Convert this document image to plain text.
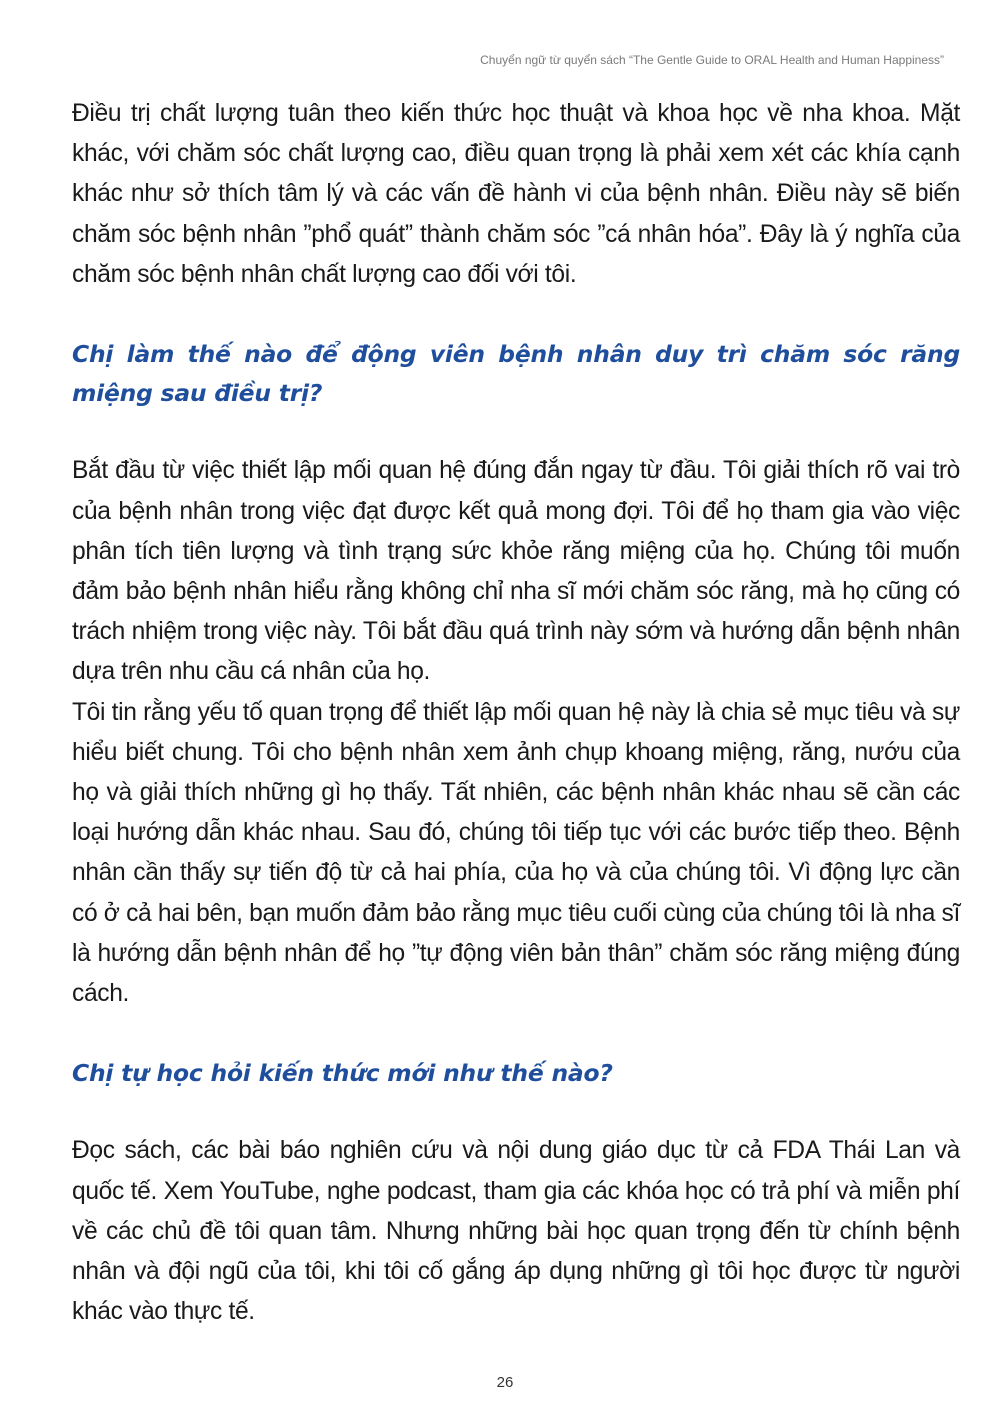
Chuyển ngữ từ quyển sách “The Gentle Guide to ORAL Health and Human Happiness”

Điều trị chất lượng tuân theo kiến thức học thuật và khoa học về nha khoa. Mặt khác, với chăm sóc chất lượng cao, điều quan trọng là phải xem xét các khía cạnh khác như sở thích tâm lý và các vấn đề hành vi của bệnh nhân. Điều này sẽ biến chăm sóc bệnh nhân ”phổ quát” thành chăm sóc ”cá nhân hóa”. Đây là ý nghĩa của chăm sóc bệnh nhân chất lượng cao đối với tôi.

Chị làm thế nào để động viên bệnh nhân duy trì chăm sóc răng miệng sau điều trị?

Bắt đầu từ việc thiết lập mối quan hệ đúng đắn ngay từ đầu. Tôi giải thích rõ vai trò của bệnh nhân trong việc đạt được kết quả mong đợi. Tôi để họ tham gia vào việc phân tích tiên lượng và tình trạng sức khỏe răng miệng của họ. Chúng tôi muốn đảm bảo bệnh nhân hiểu rằng không chỉ nha sĩ mới chăm sóc răng, mà họ cũng có trách nhiệm trong việc này. Tôi bắt đầu quá trình này sớm và hướng dẫn bệnh nhân dựa trên nhu cầu cá nhân của họ.

Tôi tin rằng yếu tố quan trọng để thiết lập mối quan hệ này là chia sẻ mục tiêu và sự hiểu biết chung. Tôi cho bệnh nhân xem ảnh chụp khoang miệng, răng, nướu của họ và giải thích những gì họ thấy. Tất nhiên, các bệnh nhân khác nhau sẽ cần các loại hướng dẫn khác nhau. Sau đó, chúng tôi tiếp tục với các bước tiếp theo. Bệnh nhân cần thấy sự tiến độ từ cả hai phía, của họ và của chúng tôi. Vì động lực cần có ở cả hai bên, bạn muốn đảm bảo rằng mục tiêu cuối cùng của chúng tôi là nha sĩ là hướng dẫn bệnh nhân để họ ”tự động viên bản thân” chăm sóc răng miệng đúng cách.

Chị tự học hỏi kiến thức mới như thế nào?

Đọc sách, các bài báo nghiên cứu và nội dung giáo dục từ cả FDA Thái Lan và quốc tế. Xem YouTube, nghe podcast, tham gia các khóa học có trả phí và miễn phí về các chủ đề tôi quan tâm. Nhưng những bài học quan trọng đến từ chính bệnh nhân và đội ngũ của tôi, khi tôi cố gắng áp dụng những gì tôi học được từ người khác vào thực tế.

26
